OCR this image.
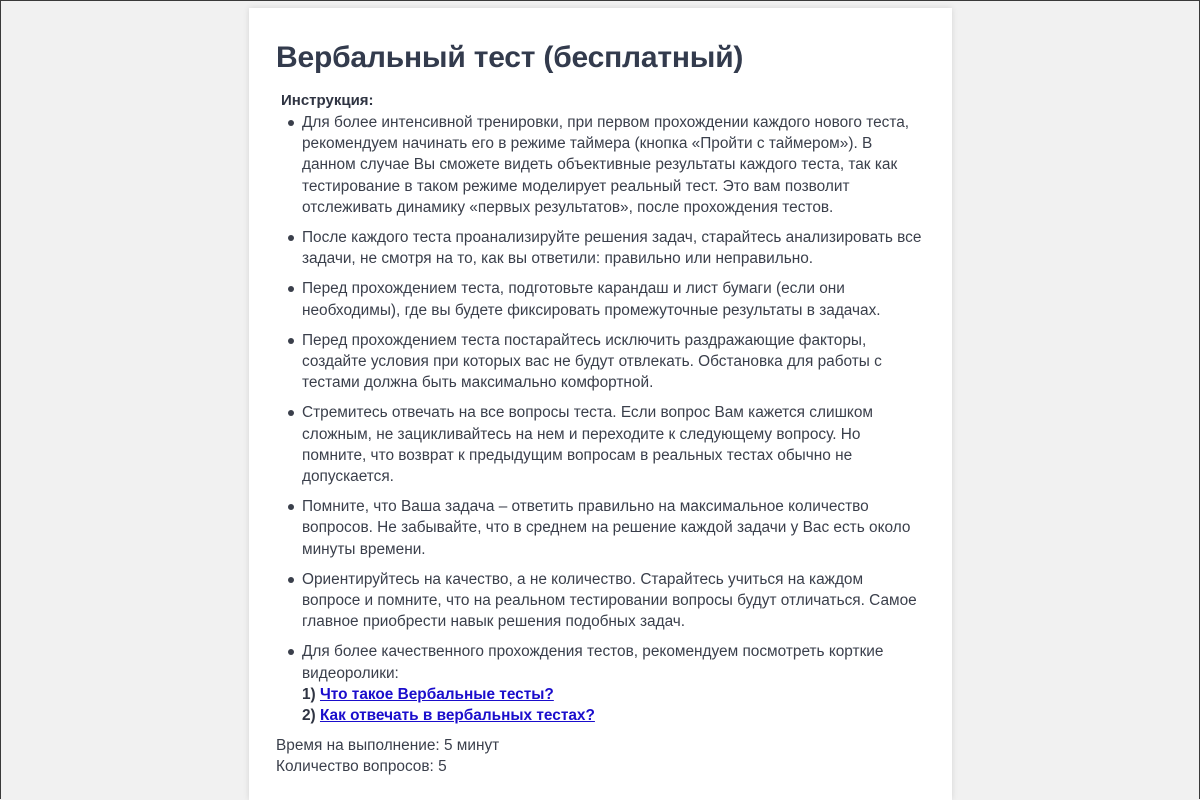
Вербальный тест (бесплатный)
Инструкция:
Для более интенсивной тренировки, при первом прохождении каждого нового теста, рекомендуем начинать его в режиме таймера (кнопка «Пройти с таймером»). В данном случае Вы сможете видеть объективные результаты каждого теста, так как тестирование в таком режиме моделирует реальный тест. Это вам позволит отслеживать динамику «первых результатов», после прохождения тестов.
После каждого теста проанализируйте решения задач, старайтесь анализировать все задачи, не смотря на то, как вы ответили: правильно или неправильно.
Перед прохождением теста, подготовьте карандаш и лист бумаги (если они необходимы), где вы будете фиксировать промежуточные результаты в задачах.
Перед прохождением теста постарайтесь исключить раздражающие факторы, создайте условия при которых вас не будут отвлекать. Обстановка для работы с тестами должна быть максимально комфортной.
Стремитесь отвечать на все вопросы теста. Если вопрос Вам кажется слишком сложным, не зацикливайтесь на нем и переходите к следующему вопросу. Но помните, что возврат к предыдущим вопросам в реальных тестах обычно не допускается.
Помните, что Ваша задача – ответить правильно на максимальное количество вопросов. Не забывайте, что в среднем на решение каждой задачи у Вас есть около минуты времени.
Ориентируйтесь на качество, а не количество. Старайтесь учиться на каждом вопросе и помните, что на реальном тестировании вопросы будут отличаться. Самое главное приобрести навык решения подобных задач.
Для более качественного прохождения тестов, рекомендуем посмотреть корткие видеоролики:
1) Что такое Вербальные тесты?
2) Как отвечать в вербальных тестах?
Время на выполнение: 5 минут
Количество вопросов: 5
